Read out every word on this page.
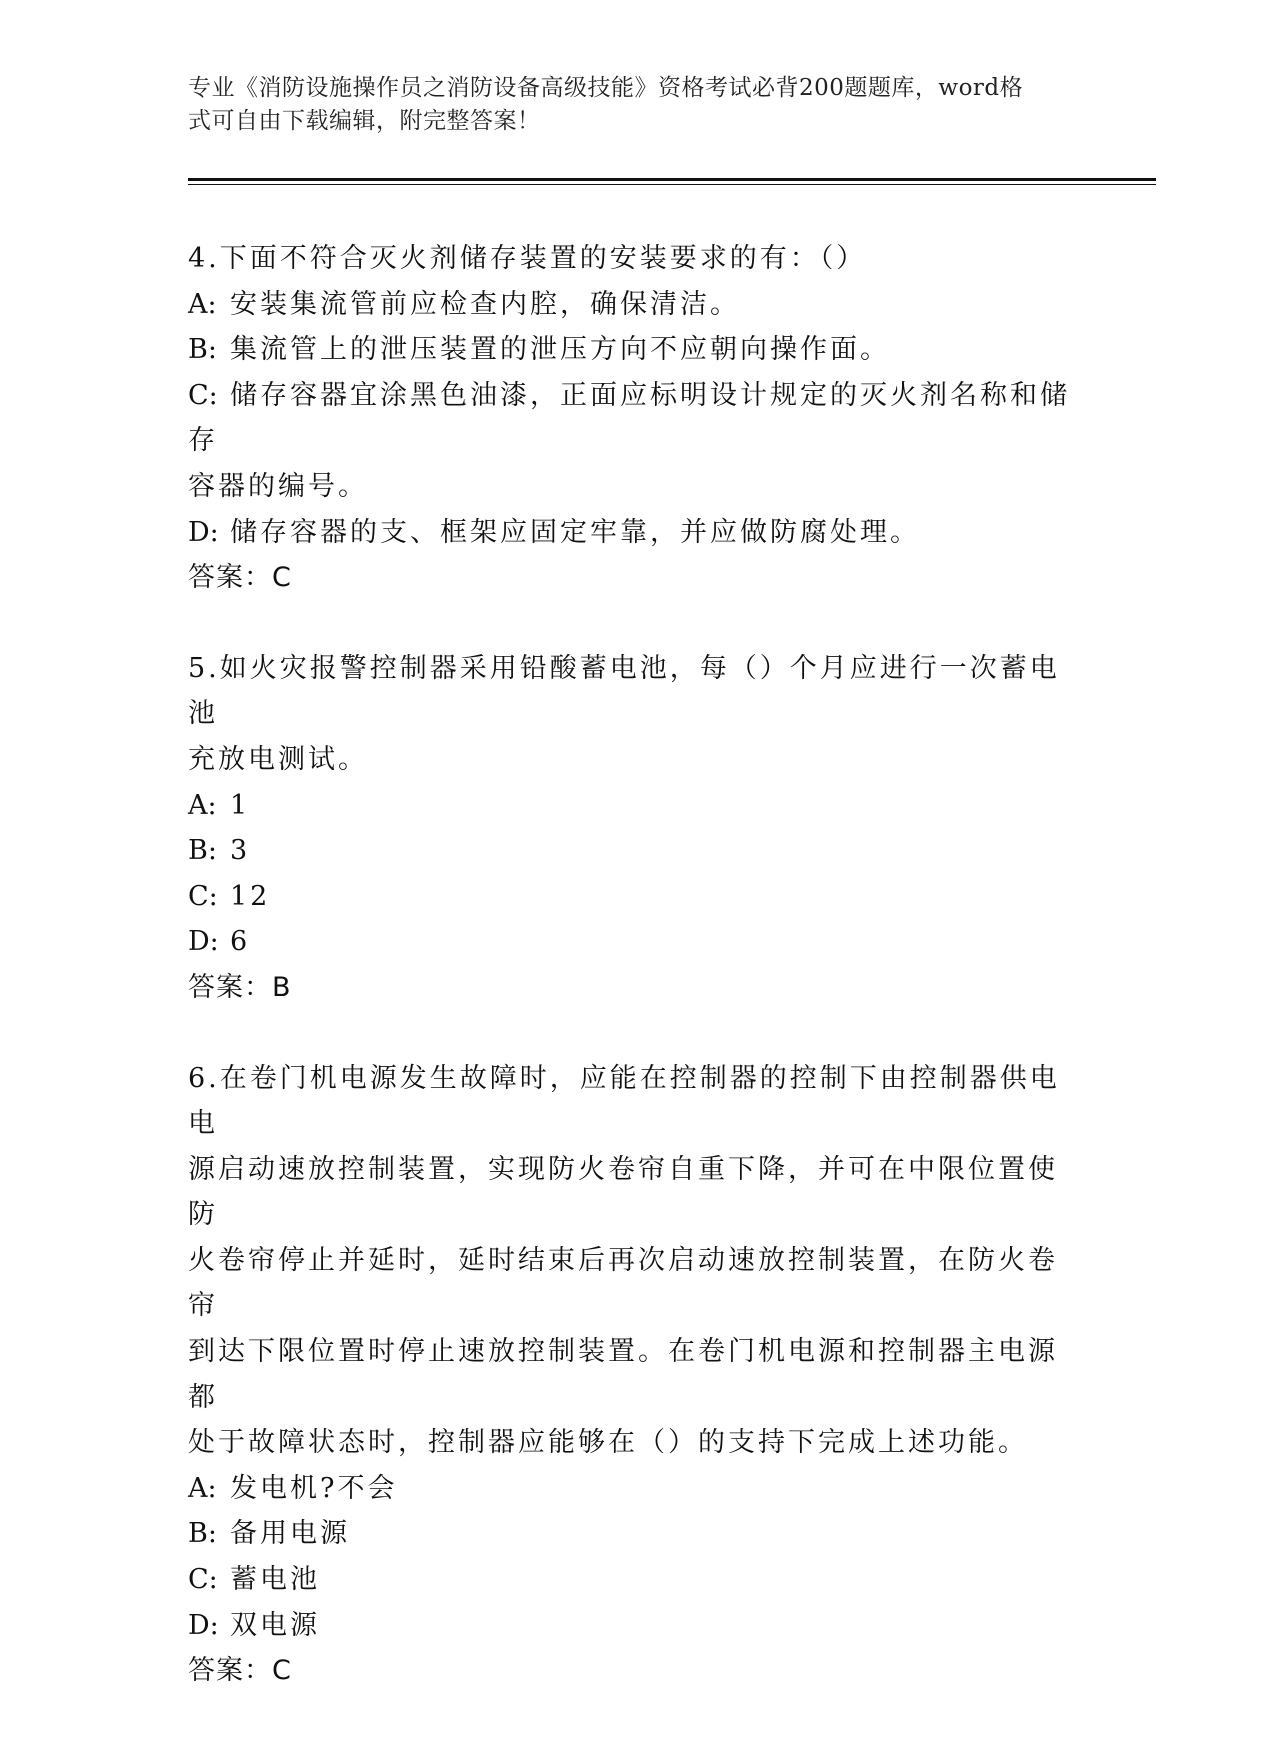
专业《消防设施操作员之消防设备高级技能》资格考试必背200题题库，word格
式可自由下载编辑，附完整答案！

4.下面不符合灭火剂储存装置的安装要求的有：（）

A: 安装集流管前应检查内腔，确保清洁。

B: 集流管上的泄压装置的泄压方向不应朝向操作面。

C: 储存容器宜涂黑色油漆，正面应标明设计规定的灭火剂名称和储存

容器的编号。

D: 储存容器的支、框架应固定牢靠，并应做防腐处理。

答案：C

5.如火灾报警控制器采用铅酸蓄电池，每（）个月应进行一次蓄电池

充放电测试。

A: 1

B: 3

C: 12

D: 6

答案：B

6.在卷门机电源发生故障时，应能在控制器的控制下由控制器供电电

源启动速放控制装置，实现防火卷帘自重下降，并可在中限位置使防

火卷帘停止并延时，延时结束后再次启动速放控制装置，在防火卷帘

到达下限位置时停止速放控制装置。在卷门机电源和控制器主电源都

处于故障状态时，控制器应能够在（）的支持下完成上述功能。

A: 发电机?不会

B: 备用电源

C: 蓄电池

D: 双电源

答案：C
